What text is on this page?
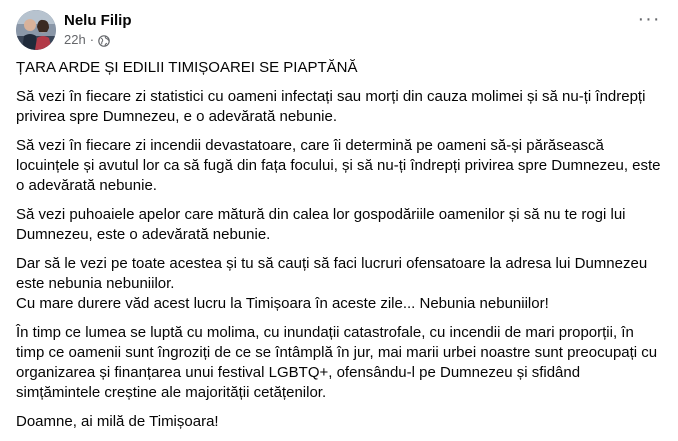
Nelu Filip
22h ·
···

ȚARA ARDE ȘI EDILII TIMIȘOAREI SE PIAPTĂNĂ

Să vezi în fiecare zi statistici cu oameni infectați sau morți din cauza molimei și să nu-ți îndrepți privirea spre Dumnezeu, e o adevărată nebunie.

Să vezi în fiecare zi incendii devastatoare, care îi determină pe oameni să-și părăsească locuințele și avutul lor ca să fugă din fața focului, și să nu-ți îndrepți privirea spre Dumnezeu, este o adevărată nebunie.

Să vezi puhoaiele apelor care mătură din calea lor gospodăriile oamenilor și să nu te rogi lui Dumnezeu, este o adevărată nebunie.

Dar să le vezi pe toate acestea și tu să cauți să faci lucruri ofensatoare la adresa lui Dumnezeu este nebunia nebuniilor.

Cu mare durere văd acest lucru la Timișoara în aceste zile... Nebunia nebuniilor!

În timp ce lumea se luptă cu molima, cu inundații catastrofale, cu incendii de mari proporții, în timp ce oamenii sunt îngroziți de ce se întâmplă în jur, mai marii urbei noastre sunt preocupați cu organizarea și finanțarea unui festival LGBTQ+, ofensându-l pe Dumnezeu și sfidând simțămintele creștine ale majorității cetățenilor.

Doamne, ai milă de Timișoara!
